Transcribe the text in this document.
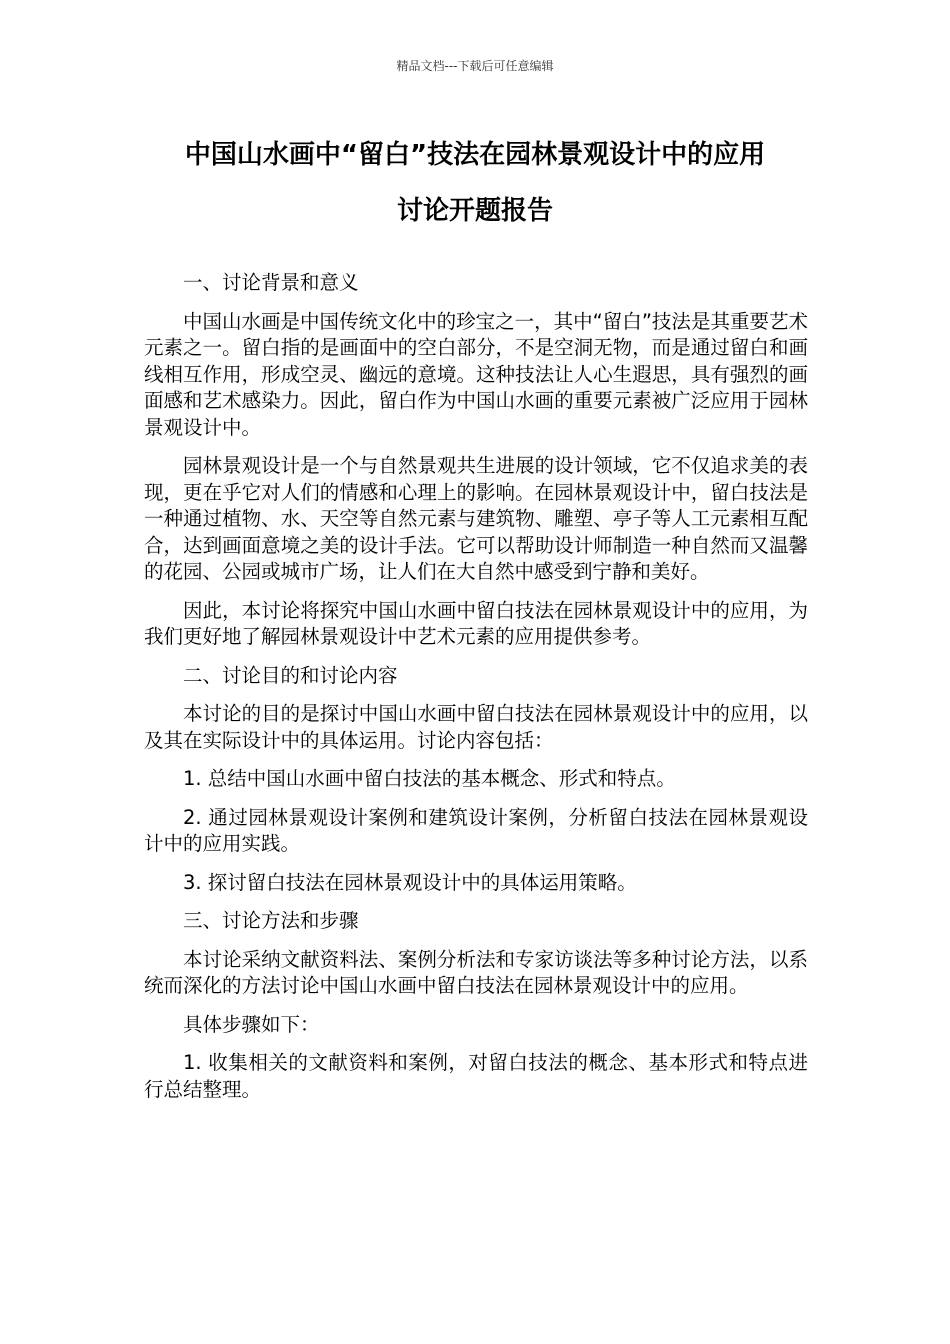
精品文档---下载后可任意编辑
中国山水画中“留白”技法在园林景观设计中的应用
讨论开题报告

一、讨论背景和意义

中国山水画是中国传统文化中的珍宝之一，其中“留白”技法是其重要艺术元素之一。留白指的是画面中的空白部分，不是空洞无物，而是通过留白和画线相互作用，形成空灵、幽远的意境。这种技法让人心生遐思，具有强烈的画面感和艺术感染力。因此，留白作为中国山水画的重要元素被广泛应用于园林景观设计中。

园林景观设计是一个与自然景观共生进展的设计领域，它不仅追求美的表现，更在乎它对人们的情感和心理上的影响。在园林景观设计中，留白技法是一种通过植物、水、天空等自然元素与建筑物、雕塑、亭子等人工元素相互配合，达到画面意境之美的设计手法。它可以帮助设计师制造一种自然而又温馨的花园、公园或城市广场，让人们在大自然中感受到宁静和美好。

因此，本讨论将探究中国山水画中留白技法在园林景观设计中的应用，为我们更好地了解园林景观设计中艺术元素的应用提供参考。

二、讨论目的和讨论内容

本讨论的目的是探讨中国山水画中留白技法在园林景观设计中的应用，以及其在实际设计中的具体运用。讨论内容包括：

1. 总结中国山水画中留白技法的基本概念、形式和特点。

2. 通过园林景观设计案例和建筑设计案例，分析留白技法在园林景观设计中的应用实践。

3. 探讨留白技法在园林景观设计中的具体运用策略。

三、讨论方法和步骤

本讨论采纳文献资料法、案例分析法和专家访谈法等多种讨论方法，以系统而深化的方法讨论中国山水画中留白技法在园林景观设计中的应用。

具体步骤如下：

1. 收集相关的文献资料和案例，对留白技法的概念、基本形式和特点进行总结整理。
